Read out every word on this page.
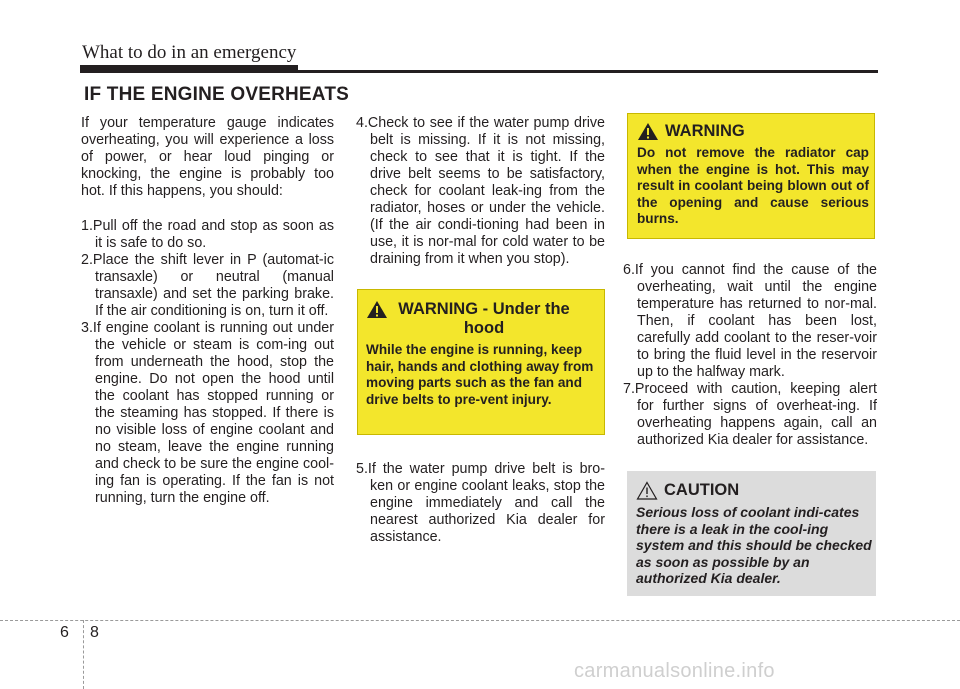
What to do in an emergency
IF THE ENGINE OVERHEATS

If your temperature gauge indicates overheating, you will experience a loss of power, or hear loud pinging or knocking, the engine is probably too hot. If this happens, you should:

1.Pull off the road and stop as soon as it is safe to do so.

2.Place the shift lever in P (automat-ic transaxle) or neutral (manual transaxle) and set the parking brake. If the air conditioning is on, turn it off.

3.If engine coolant is running out under the vehicle or steam is com-ing out from underneath the hood, stop the engine. Do not open the hood until the coolant has stopped running or the steaming has stopped. If there is no visible loss of engine coolant and no steam, leave the engine running and check to be sure the engine cool-ing fan is operating. If the fan is not running, turn the engine off.

4.Check to see if the water pump drive belt is missing. If it is not missing, check to see that it is tight. If the drive belt seems to be satisfactory, check for coolant leak-ing from the radiator, hoses or under the vehicle. (If the air condi-tioning had been in use, it is nor-mal for cold water to be draining from it when you stop).

WARNING - Under the hood
While the engine is running, keep hair, hands and clothing away from moving parts such as the fan and drive belts to pre-vent injury.

5.If the water pump drive belt is bro-ken or engine coolant leaks, stop the engine immediately and call the nearest authorized Kia dealer for assistance.

WARNING
Do not remove the radiator cap when the engine is hot. This may result in coolant being blown out of the opening and cause serious burns.

6.If you cannot find the cause of the overheating, wait until the engine temperature has returned to nor-mal. Then, if coolant has been lost, carefully add coolant to the reser-voir to bring the fluid level in the reservoir up to the halfway mark.

7.Proceed with caution, keeping alert for further signs of overheat-ing. If overheating happens again, call an authorized Kia dealer for assistance.

CAUTION
Serious loss of coolant indi-cates there is a leak in the cool-ing system and this should be checked as soon as possible by an authorized Kia dealer.
6 8
carmanualsonline.info
